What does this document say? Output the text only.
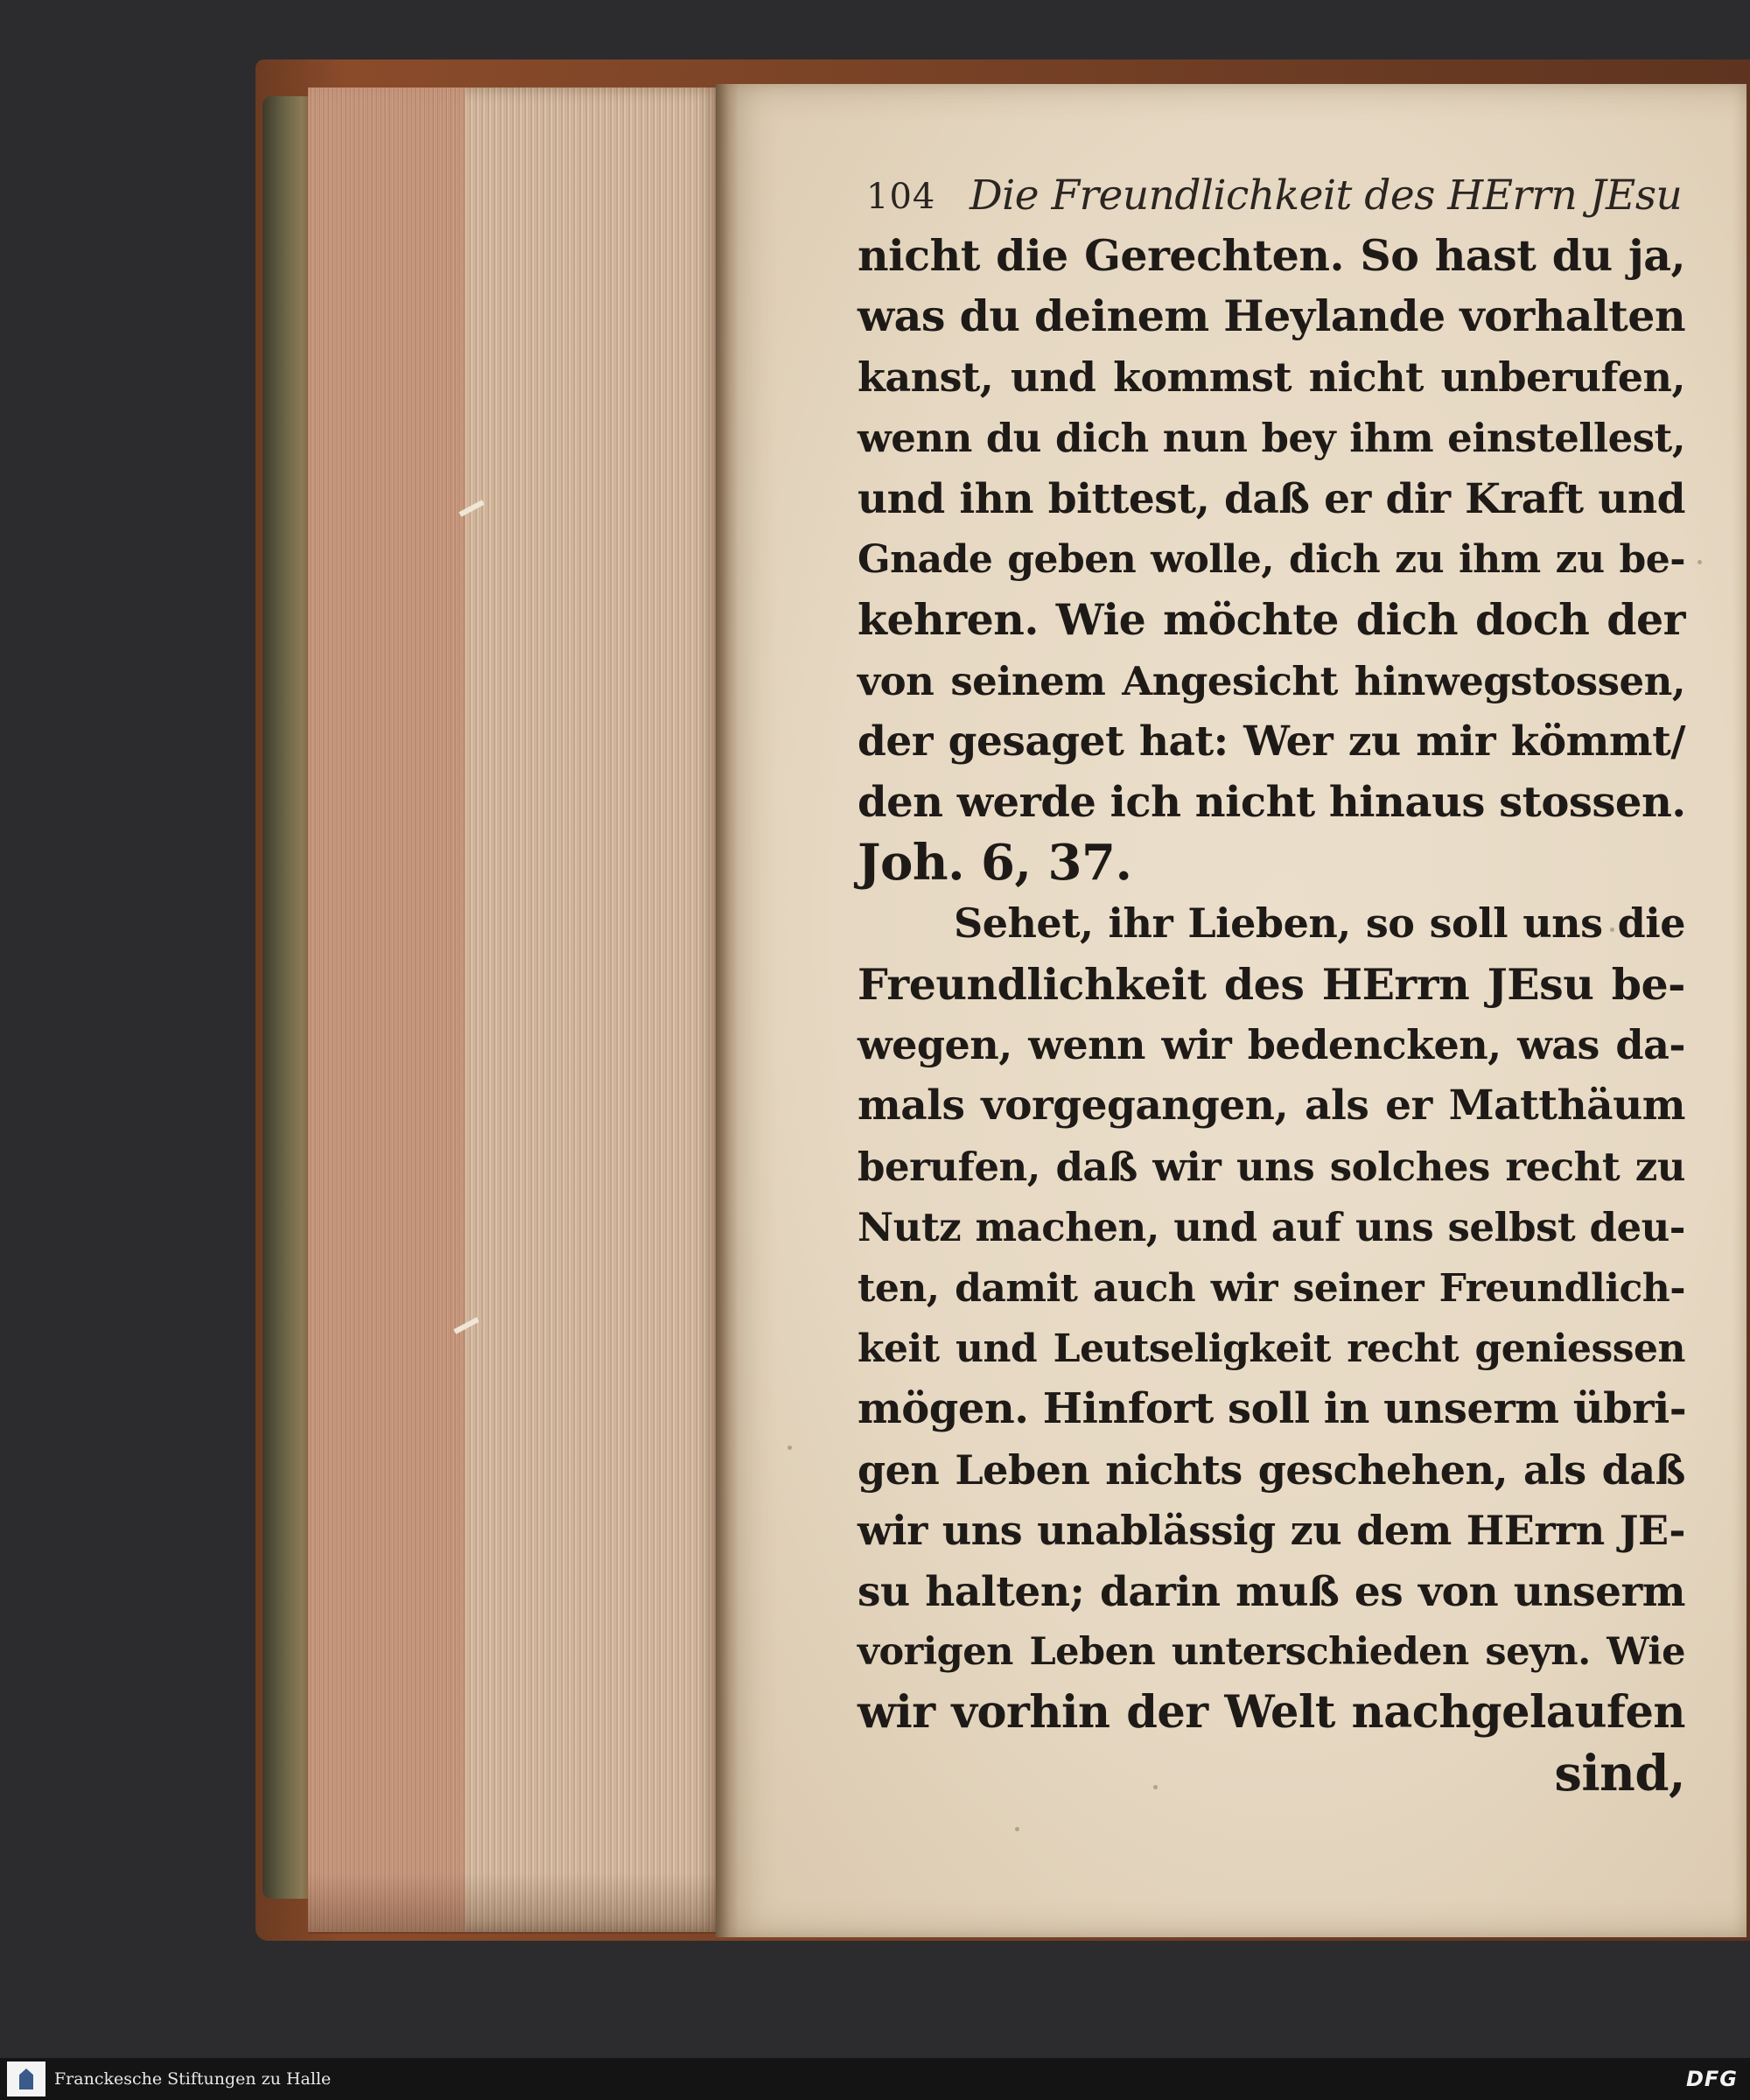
104 Die Freundlichkeit des HErrn JEsu
nicht die Gerechten. So hast du ja,
was du deinem Heylande vorhalten
kanst, und kommst nicht unberufen,
wenn du dich nun bey ihm einstellest,
und ihn bittest, daß er dir Kraft und
Gnade geben wolle, dich zu ihm zu be-
kehren. Wie möchte dich doch der
von seinem Angesicht hinwegstossen,
der gesaget hat: Wer zu mir kömmt/
den werde ich nicht hinaus stossen.
Joh. 6, 37.
Sehet, ihr Lieben, so soll uns die
Freundlichkeit des HErrn JEsu be-
wegen, wenn wir bedencken, was da-
mals vorgegangen, als er Matthäum
berufen, daß wir uns solches recht zu
Nutz machen, und auf uns selbst deu-
ten, damit auch wir seiner Freundlich-
keit und Leutseligkeit recht geniessen
mögen. Hinfort soll in unserm übri-
gen Leben nichts geschehen, als daß
wir uns unablässig zu dem HErrn JE-
su halten; darin muß es von unserm
vorigen Leben unterschieden seyn. Wie
wir vorhin der Welt nachgelaufen
sind,
Franckesche Stiftungen zu Halle	DFG
